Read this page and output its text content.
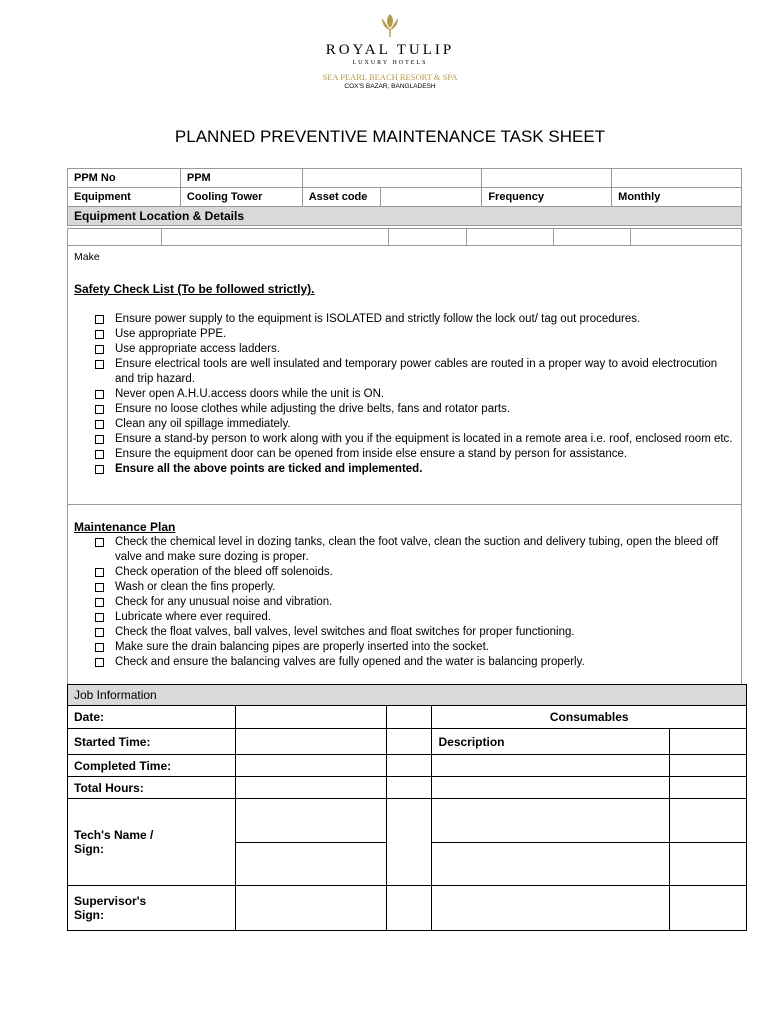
ROYAL TULIP
LUXURY HOTELS
SEA PEARL BEACH RESORT & SPA
COX'S BAZAR, BANGLADESH
PLANNED PREVENTIVE MAINTENANCE TASK SHEET
PPM No	PPM				
Equipment	Cooling Tower	Asset code		Frequency	Monthly
Equipment Location & Details					

Make
Safety Check List (To be followed strictly).
Ensure power supply to the equipment is ISOLATED and strictly follow the lock out/ tag out procedures.
Use appropriate PPE.
Use appropriate access ladders.
Ensure electrical tools are well insulated and temporary power cables are routed in a proper way to avoid electrocution and trip hazard.
Never open A.H.U.access doors while the unit is ON.
Ensure no loose clothes while adjusting the drive belts, fans and rotator parts.
Clean any oil spillage immediately.
Ensure a stand-by person to work along with you if the equipment is located in a remote area i.e. roof, enclosed room etc.
Ensure the equipment door can be opened from inside else ensure a stand by person for assistance.
Ensure all the above points are ticked and implemented.
Maintenance Plan
Check the chemical level in dozing tanks, clean the foot valve, clean the suction and delivery tubing, open the bleed off valve and make sure dozing is proper.
Check operation of the bleed off solenoids.
Wash or clean the fins properly.
Check for any unusual noise and vibration.
Lubricate where ever required.
Check the float valves, ball valves, level switches and float switches for proper functioning.
Make sure the drain balancing pipes are properly inserted into the socket.
Check and ensure the balancing valves are fully opened and the water is balancing properly.
Job Information				
Date:			Consumables	
Started Time:			Description	
Completed Time:				
Total Hours:				

Tech's Name / Sign:				

Supervisor's Sign:				
